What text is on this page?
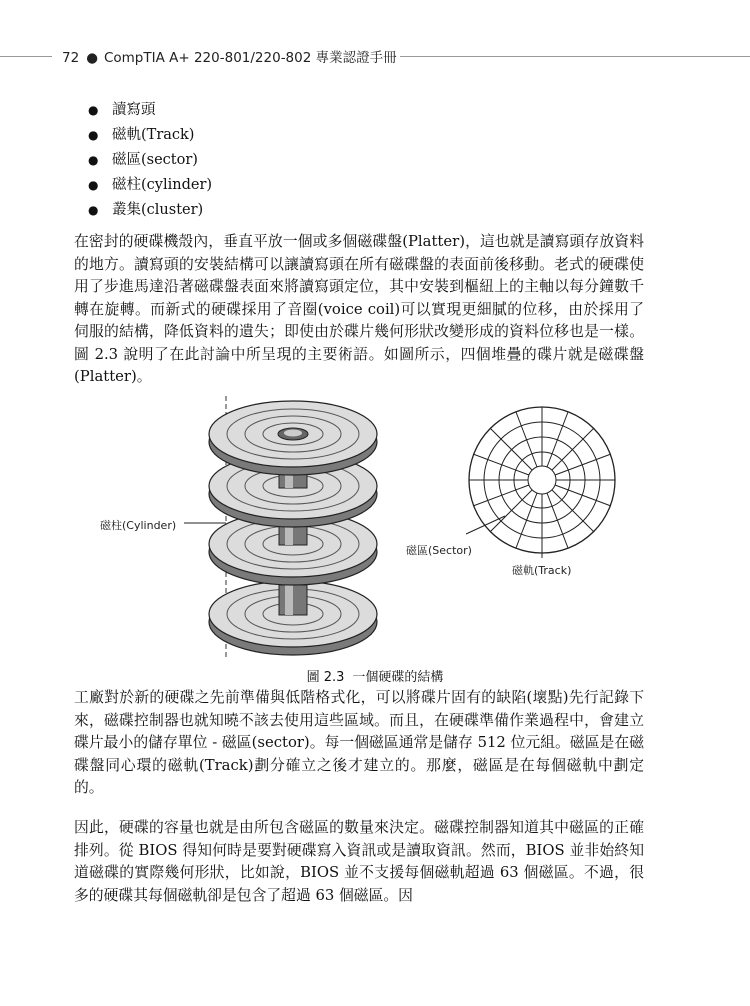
72 ● CompTIA A+ 220-801/220-802 專業認證手冊
● 讀寫頭
● 磁軌(Track)
● 磁區(sector)
● 磁柱(cylinder)
● 叢集(cluster)

在密封的硬碟機殼內，垂直平放一個或多個磁碟盤(Platter)，這也就是讀寫頭存放資料的地方。讀寫頭的安裝結構可以讓讀寫頭在所有磁碟盤的表面前後移動。老式的硬碟使用了步進馬達沿著磁碟盤表面來將讀寫頭定位，其中安裝到樞紐上的主軸以每分鐘數千轉在旋轉。而新式的硬碟採用了音圈(voice coil)可以實現更細膩的位移，由於採用了伺服的結構，降低資料的遺失；即使由於碟片幾何形狀改變形成的資料位移也是一樣。圖 2.3 說明了在此討論中所呈現的主要術語。如圖所示，四個堆疊的碟片就是磁碟盤(Platter)。

磁柱(Cylinder)
磁區(Sector)
磁軌(Track)
圖 2.3 一個硬碟的結構

工廠對於新的硬碟之先前準備與低階格式化，可以將碟片固有的缺陷(壞點)先行記錄下來，磁碟控制器也就知曉不該去使用這些區域。而且，在硬碟準備作業過程中，會建立碟片最小的儲存單位 - 磁區(sector)。每一個磁區通常是儲存 512 位元組。磁區是在磁碟盤同心環的磁軌(Track)劃分確立之後才建立的。那麼，磁區是在每個磁軌中劃定的。

因此，硬碟的容量也就是由所包含磁區的數量來決定。磁碟控制器知道其中磁區的正確排列。從 BIOS 得知何時是要對硬碟寫入資訊或是讀取資訊。然而，BIOS 並非始終知道磁碟的實際幾何形狀，比如說，BIOS 並不支援每個磁軌超過 63 個磁區。不過，很多的硬碟其每個磁軌卻是包含了超過 63 個磁區。因
